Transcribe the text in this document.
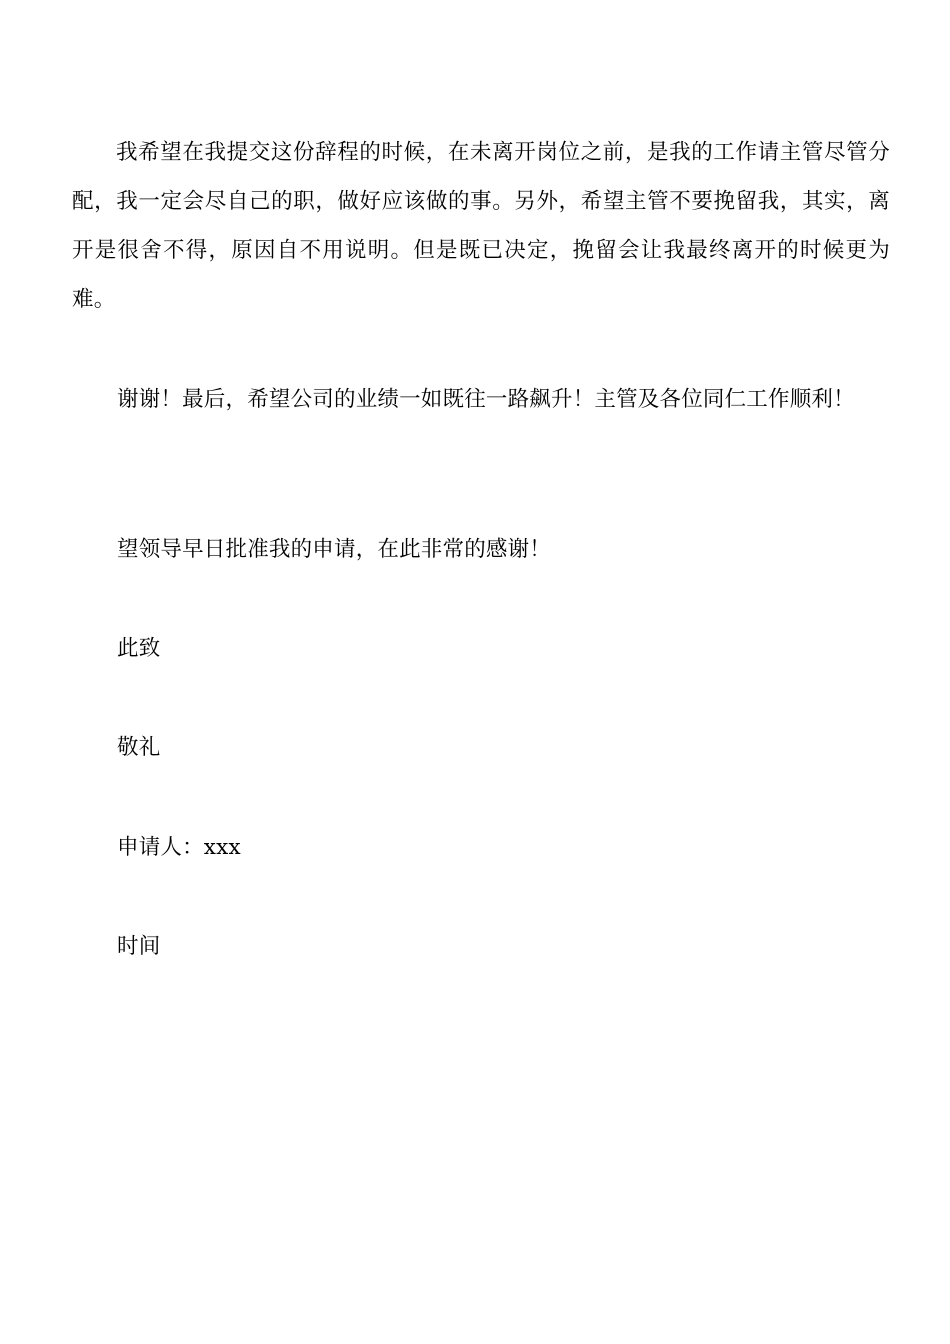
我希望在我提交这份辞程的时候，在未离开岗位之前，是我的工作请主管尽管分配，我一定会尽自己的职，做好应该做的事。另外，希望主管不要挽留我，其实，离开是很舍不得，原因自不用说明。但是既已决定，挽留会让我最终离开的时候更为难。

谢谢！最后，希望公司的业绩一如既往一路飙升！主管及各位同仁工作顺利！

望领导早日批准我的申请，在此非常的感谢！

此致

敬礼

申请人：xxx

时间
